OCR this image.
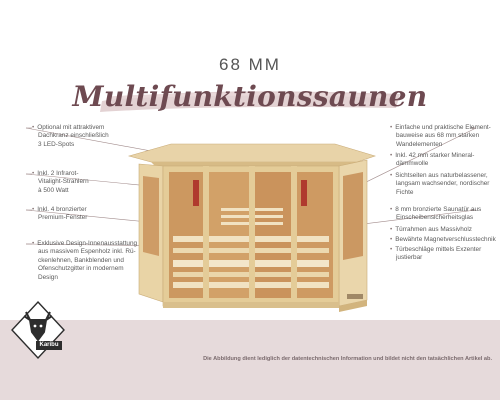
68 MM
Multifunktionssaunen
• Optional mit attraktivem
Dachkranz einschließlich
3 LED-Spots
• Inkl. 2 Infrarot-
Vitalight-Strahlern
à 500 Watt
• Inkl. 4 bronzierter
Premium-Fenster
• Exklusive Design-Innenausstattung
aus massivem Espenholz inkl. Rü-
ckenlehnen, Bankblenden und
Ofenschutzgitter in modernem
Design
• Einfache und praktische Element-
bauweise aus 68 mm starken
Wandelementen
• Inkl. 42 mm starker Mineral-
dämmwolle
• Sichtseiten aus naturbelassener,
langsam wachsender, nordischer
Fichte
• 8 mm bronzierte Saunatür aus
Einscheibensicherheitsglas
• Türrahmen aus Massivholz
• Bewährte Magnetverschlusstechnik
• Türbeschläge mittels Exzenter
justierbar
Karibu
Die Abbildung dient lediglich der datentechnischen Information und bildet nicht den tatsächlichen Artikel ab.
